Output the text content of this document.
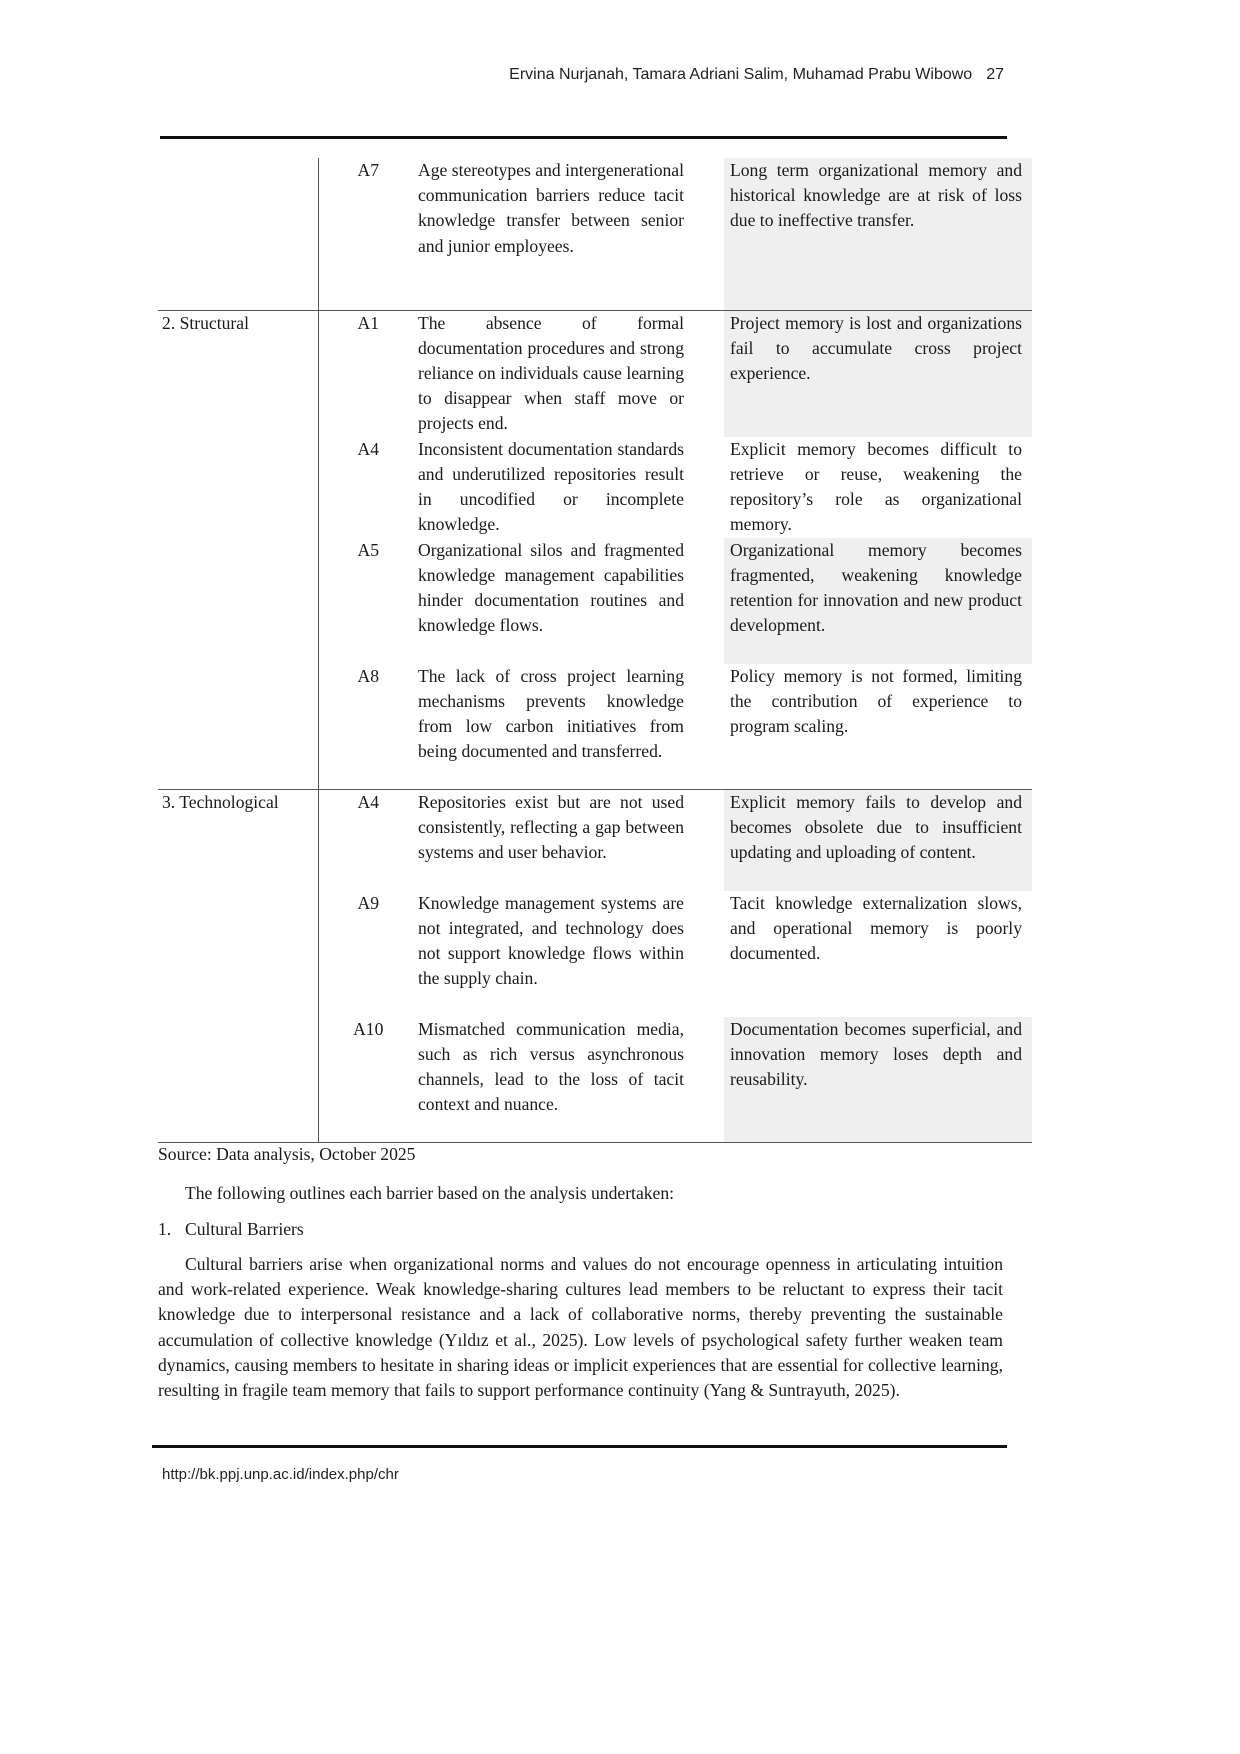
Ervina Nurjanah, Tamara Adriani Salim, Muhamad Prabu Wibowo 27
	A7	Age stereotypes and intergenerational communication barriers reduce tacit knowledge transfer between senior and junior employees.	Long term organizational memory and historical knowledge are at risk of loss due to ineffective transfer.
2. Structural	A1	The absence of formal documentation procedures and strong reliance on individuals cause learning to disappear when staff move or projects end.	Project memory is lost and organizations fail to accumulate cross project experience.
	A4	Inconsistent documentation standards and underutilized repositories result in uncodified or incomplete knowledge.	Explicit memory becomes difficult to retrieve or reuse, weakening the repository’s role as organizational memory.
	A5	Organizational silos and fragmented knowledge management capabilities hinder documentation routines and knowledge flows.	Organizational memory becomes fragmented, weakening knowledge retention for innovation and new product development.
	A8	The lack of cross project learning mechanisms prevents knowledge from low carbon initiatives from being documented and transferred.	Policy memory is not formed, limiting the contribution of experience to program scaling.
3. Technological	A4	Repositories exist but are not used consistently, reflecting a gap between systems and user behavior.	Explicit memory fails to develop and becomes obsolete due to insufficient updating and uploading of content.
	A9	Knowledge management systems are not integrated, and technology does not support knowledge flows within the supply chain.	Tacit knowledge externalization slows, and operational memory is poorly documented.
	A10	Mismatched communication media, such as rich versus asynchronous channels, lead to the loss of tacit context and nuance.	Documentation becomes superficial, and innovation memory loses depth and reusability.
Source: Data analysis, October 2025
The following outlines each barrier based on the analysis undertaken:
1. Cultural Barriers
Cultural barriers arise when organizational norms and values do not encourage openness in articulating intuition and work-related experience. Weak knowledge-sharing cultures lead members to be reluctant to express their tacit knowledge due to interpersonal resistance and a lack of collaborative norms, thereby preventing the sustainable accumulation of collective knowledge (Yıldız et al., 2025). Low levels of psychological safety further weaken team dynamics, causing members to hesitate in sharing ideas or implicit experiences that are essential for collective learning, resulting in fragile team memory that fails to support performance continuity (Yang & Suntrayuth, 2025).
http://bk.ppj.unp.ac.id/index.php/chr
